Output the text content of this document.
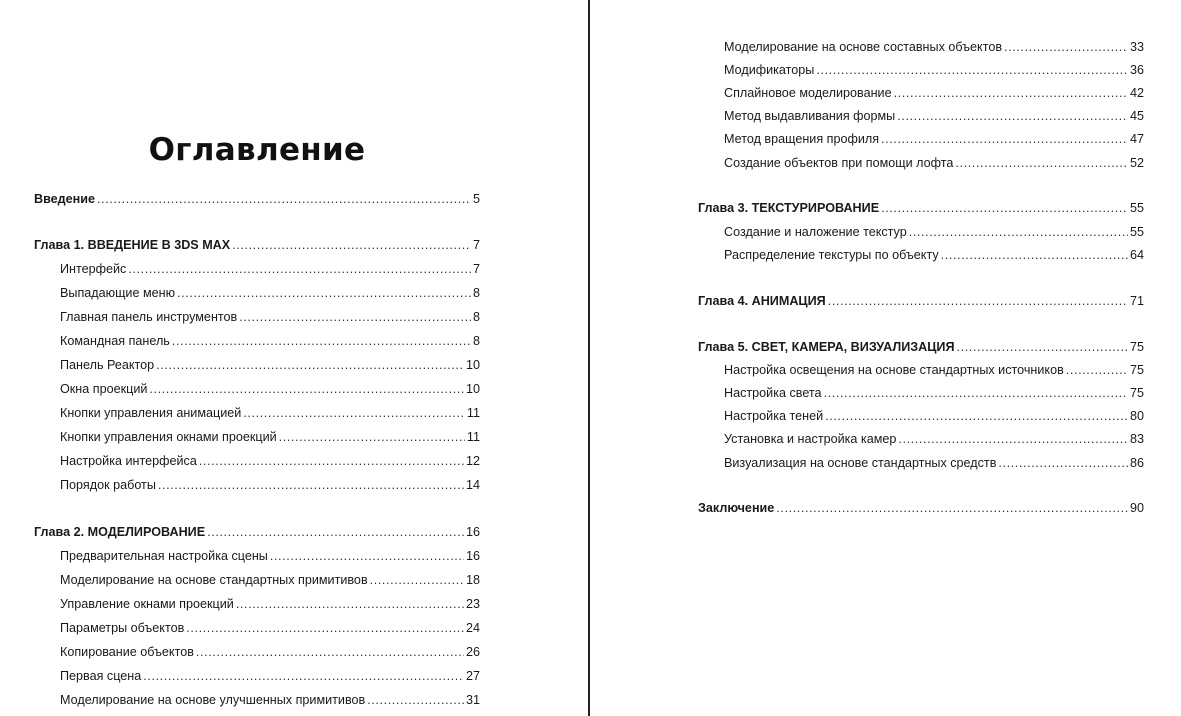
Оглавление
Введение .....	5
Глава 1. ВВЕДЕНИЕ В 3DS MAX .....	7
Интерфейс .....	7
Выпадающие меню .....	8
Главная панель инструментов .....	8
Командная панель .....	8
Панель Реактор .....	10
Окна проекций .....	10
Кнопки управления анимацией .....	11
Кнопки управления окнами проекций .....	11
Настройка интерфейса .....	12
Порядок работы .....	14
Глава 2. МОДЕЛИРОВАНИЕ .....	16
Предварительная настройка сцены .....	16
Моделирование на основе стандартных примитивов .....	18
Управление окнами проекций .....	23
Параметры объектов .....	24
Копирование объектов .....	26
Первая сцена .....	27
Моделирование на основе улучшенных примитивов .....	31
Моделирование на основе составных объектов .....	33
Модификаторы .....	36
Сплайновое моделирование .....	42
Метод выдавливания формы .....	45
Метод вращения профиля .....	47
Создание объектов при помощи лофта .....	52
Глава 3. ТЕКСТУРИРОВАНИЕ .....	55
Создание и наложение текстур .....	55
Распределение текстуры по объекту .....	64
Глава 4. АНИМАЦИЯ .....	71
Глава 5. СВЕТ, КАМЕРА, ВИЗУАЛИЗАЦИЯ .....	75
Настройка освещения на основе стандартных источников .....	75
Настройка света .....	75
Настройка теней .....	80
Установка и настройка камер .....	83
Визуализация на основе стандартных средств .....	86
Заключение .....	90
